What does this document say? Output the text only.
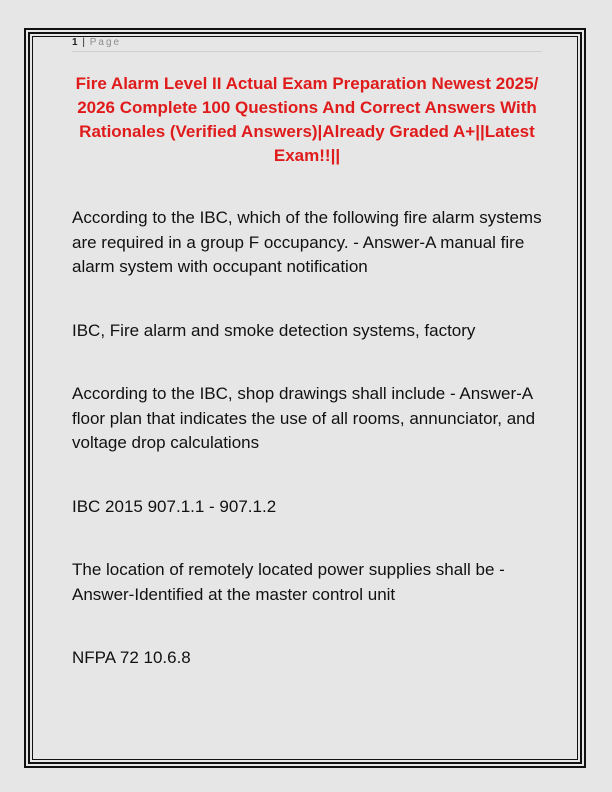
1 | Page
Fire Alarm Level II Actual Exam Preparation Newest 2025/ 2026 Complete 100 Questions And Correct Answers With Rationales (Verified Answers)|Already Graded A+||Latest Exam!!||

According to the IBC, which of the following fire alarm systems are required in a group F occupancy. - Answer-A manual fire alarm system with occupant notification

IBC, Fire alarm and smoke detection systems, factory

According to the IBC, shop drawings shall include - Answer-A floor plan that indicates the use of all rooms, annunciator, and voltage drop calculations

IBC 2015 907.1.1 - 907.1.2

The location of remotely located power supplies shall be - Answer-Identified at the master control unit

NFPA 72 10.6.8
